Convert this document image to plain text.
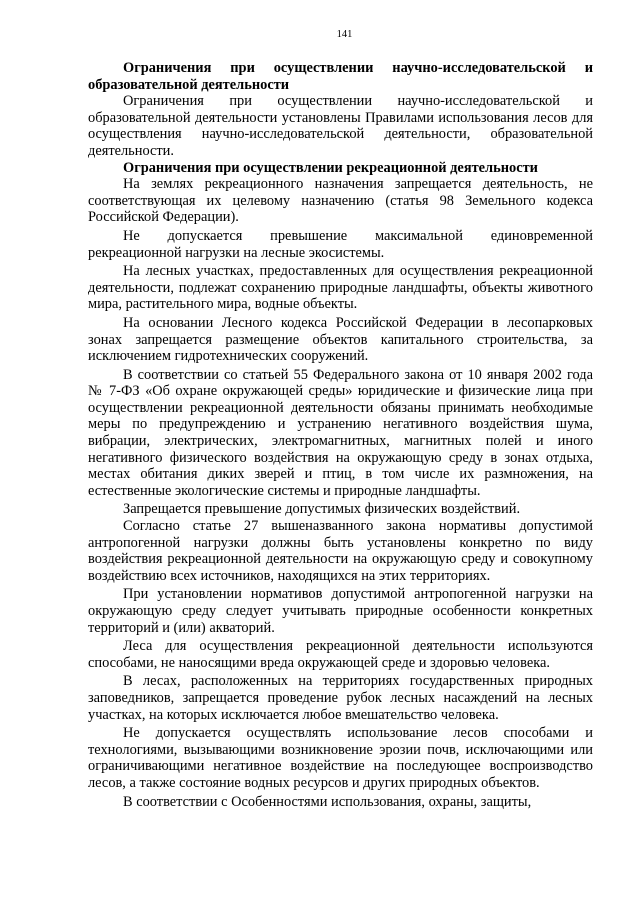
141

Ограничения при осуществлении научно-исследовательской и образовательной деятельности

Ограничения при осуществлении научно-исследовательской и образовательной деятельности установлены Правилами использования лесов для осуществления научно-исследовательской деятельности, образовательной деятельности.

Ограничения при осуществлении рекреационной деятельности

На землях рекреационного назначения запрещается деятельность, не соответствующая их целевому назначению (статья 98 Земельного кодекса Российской Федерации).

Не допускается превышение максимальной единовременной рекреационной нагрузки на лесные экосистемы.

На лесных участках, предоставленных для осуществления рекреационной деятельности, подлежат сохранению природные ландшафты, объекты животного мира, растительного мира, водные объекты.

На основании Лесного кодекса Российской Федерации в лесопарковых зонах запрещается размещение объектов капитального строительства, за исключением гидротехнических сооружений.

В соответствии со статьей 55 Федерального закона от 10 января 2002 года № 7-ФЗ «Об охране окружающей среды» юридические и физические лица при осуществлении рекреационной деятельности обязаны принимать необходимые меры по предупреждению и устранению негативного воздействия шума, вибрации, электрических, электромагнитных, магнитных полей и иного негативного физического воздействия на окружающую среду в зонах отдыха, местах обитания диких зверей и птиц, в том числе их размножения, на естественные экологические системы и природные ландшафты.

Запрещается превышение допустимых физических воздействий.

Согласно статье 27 вышеназванного закона нормативы допустимой антропогенной нагрузки должны быть установлены конкретно по виду воздействия рекреационной деятельности на окружающую среду и совокупному воздействию всех источников, находящихся на этих территориях.

При установлении нормативов допустимой антропогенной нагрузки на окружающую среду следует учитывать природные особенности конкретных территорий и (или) акваторий.

Леса для осуществления рекреационной деятельности используются способами, не наносящими вреда окружающей среде и здоровью человека.

В лесах, расположенных на территориях государственных природных заповедников, запрещается проведение рубок лесных насаждений на лесных участках, на которых исключается любое вмешательство человека.

Не допускается осуществлять использование лесов способами и технологиями, вызывающими возникновение эрозии почв, исключающими или ограничивающими негативное воздействие на последующее воспроизводство лесов, а также состояние водных ресурсов и других природных объектов.

В соответствии с Особенностями использования, охраны, защиты,
